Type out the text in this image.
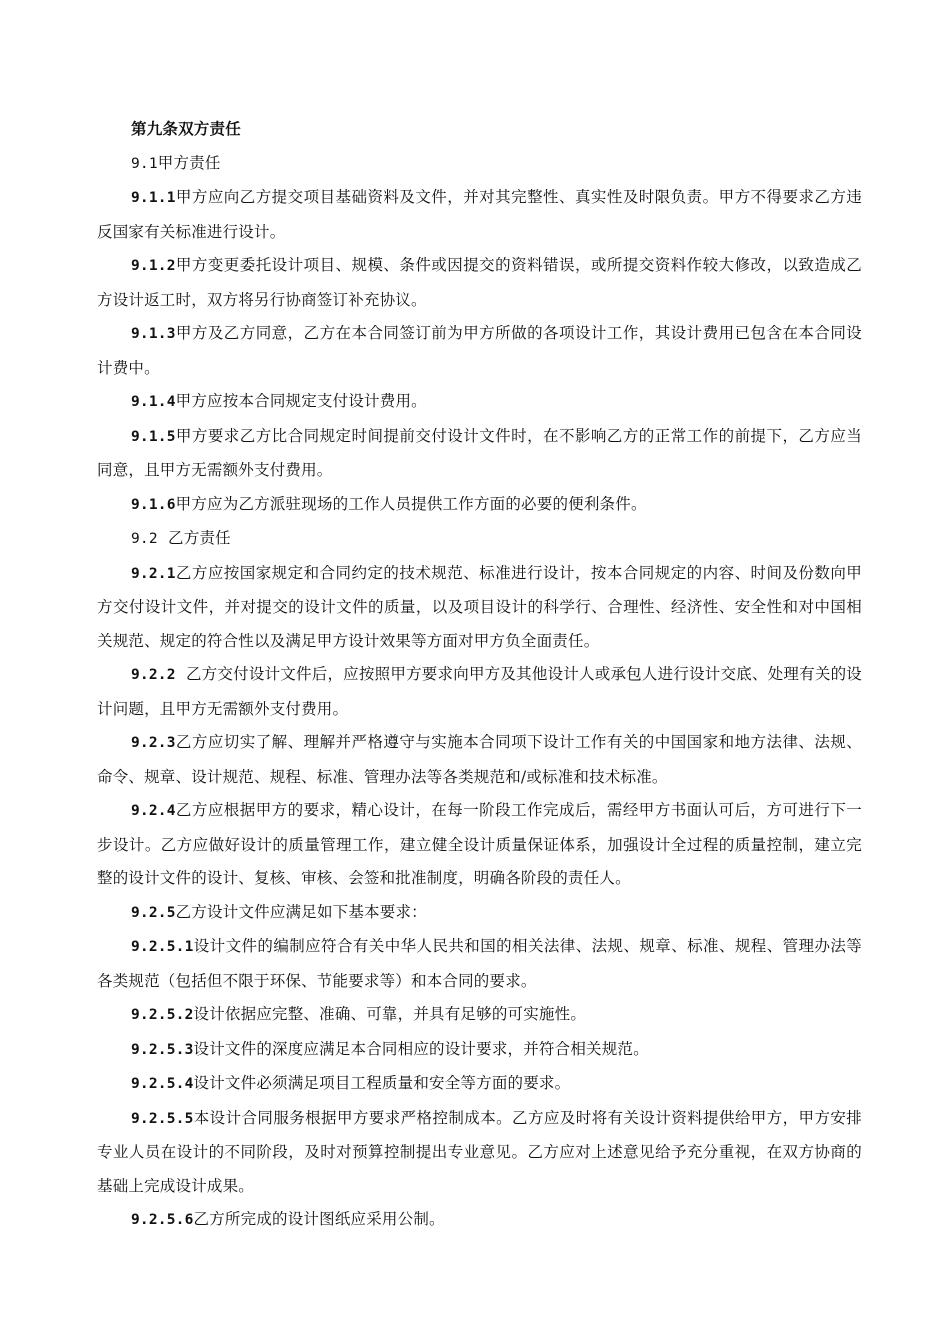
第九条双方责任

9.1甲方责任

9.1.1甲方应向乙方提交项目基础资料及文件，并对其完整性、真实性及时限负责。甲方不得要求乙方违反国家有关标准进行设计。

9.1.2甲方变更委托设计项目、规模、条件或因提交的资料错误，或所提交资料作较大修改，以致造成乙方设计返工时，双方将另行协商签订补充协议。

9.1.3甲方及乙方同意，乙方在本合同签订前为甲方所做的各项设计工作，其设计费用已包含在本合同设计费中。

9.1.4甲方应按本合同规定支付设计费用。

9.1.5甲方要求乙方比合同规定时间提前交付设计文件时，在不影响乙方的正常工作的前提下，乙方应当同意，且甲方无需额外支付费用。

9.1.6甲方应为乙方派驻现场的工作人员提供工作方面的必要的便利条件。

9.2  乙方责任

9.2.1乙方应按国家规定和合同约定的技术规范、标准进行设计，按本合同规定的内容、时间及份数向甲方交付设计文件，并对提交的设计文件的质量，以及项目设计的科学行、合理性、经济性、安全性和对中国相关规范、规定的符合性以及满足甲方设计效果等方面对甲方负全面责任。

9.2.2  乙方交付设计文件后，应按照甲方要求向甲方及其他设计人或承包人进行设计交底、处理有关的设计问题，且甲方无需额外支付费用。

9.2.3乙方应切实了解、理解并严格遵守与实施本合同项下设计工作有关的中国国家和地方法律、法规、命令、规章、设计规范、规程、标准、管理办法等各类规范和/或标准和技术标准。

9.2.4乙方应根据甲方的要求，精心设计，在每一阶段工作完成后，需经甲方书面认可后，方可进行下一步设计。乙方应做好设计的质量管理工作，建立健全设计质量保证体系，加强设计全过程的质量控制，建立完整的设计文件的设计、复核、审核、会签和批准制度，明确各阶段的责任人。

9.2.5乙方设计文件应满足如下基本要求：

9.2.5.1设计文件的编制应符合有关中华人民共和国的相关法律、法规、规章、标准、规程、管理办法等各类规范（包括但不限于环保、节能要求等）和本合同的要求。

9.2.5.2设计依据应完整、准确、可靠，并具有足够的可实施性。

9.2.5.3设计文件的深度应满足本合同相应的设计要求，并符合相关规范。

9.2.5.4设计文件必须满足项目工程质量和安全等方面的要求。

9.2.5.5本设计合同服务根据甲方要求严格控制成本。乙方应及时将有关设计资料提供给甲方，甲方安排专业人员在设计的不同阶段，及时对预算控制提出专业意见。乙方应对上述意见给予充分重视，在双方协商的基础上完成设计成果。

9.2.5.6乙方所完成的设计图纸应采用公制。
